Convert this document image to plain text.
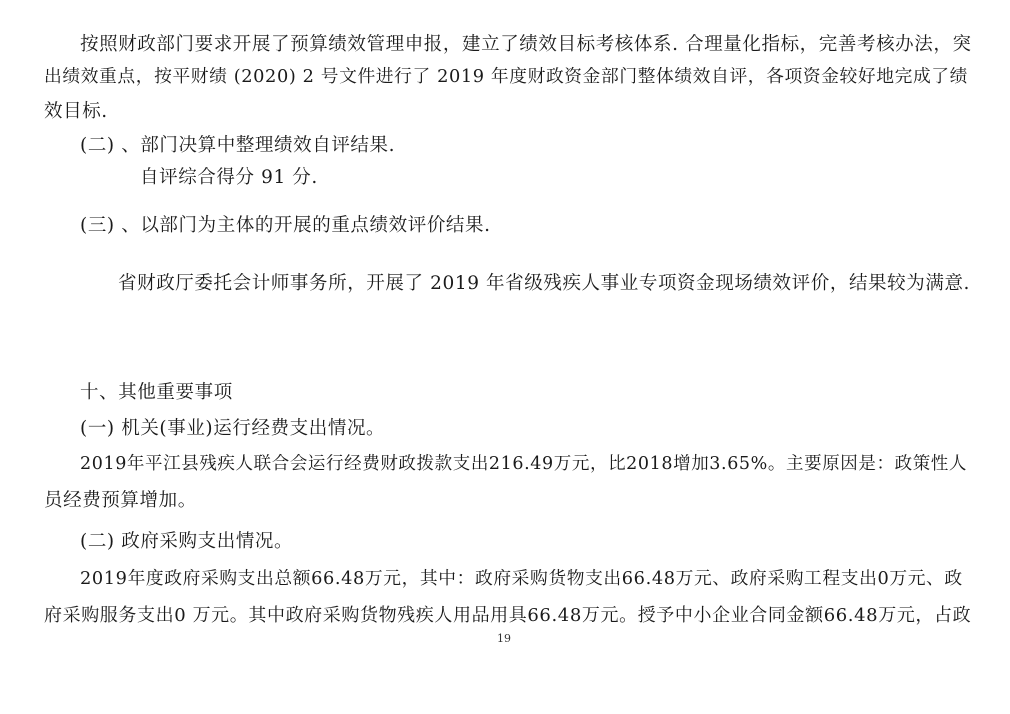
按照财政部门要求开展了预算绩效管理申报，建立了绩效目标考核体系. 合理量化指标，完善考核办法，突
出绩效重点，按平财绩 (2020) 2 号文件进行了 2019 年度财政资金部门整体绩效自评，各项资金较好地完成了绩
效目标.
(二) 、部门决算中整理绩效自评结果.
自评综合得分 91 分.
(三) 、以部门为主体的开展的重点绩效评价结果.
省财政厅委托会计师事务所，开展了 2019 年省级残疾人事业专项资金现场绩效评价，结果较为满意.
十、其他重要事项
(一) 机关(事业)运行经费支出情况。
2019年平江县残疾人联合会运行经费财政拨款支出216.49万元，比2018增加3.65%。主要原因是：政策性人
员经费预算增加。
(二) 政府采购支出情况。
2019年度政府采购支出总额66.48万元，其中：政府采购货物支出66.48万元、政府采购工程支出0万元、政
府采购服务支出0 万元。其中政府采购货物残疾人用品用具66.48万元。授予中小企业合同金额66.48万元，占政
19
